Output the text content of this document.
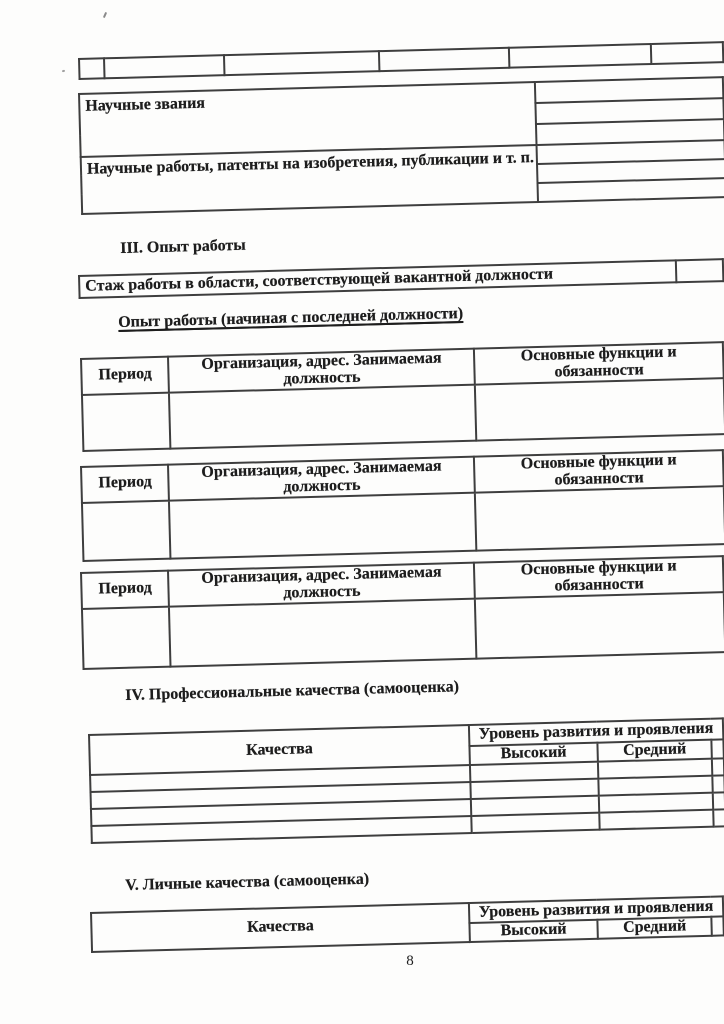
Научные звания	

Научные работы, патенты на изобретения, публикации и т. п.	

III. Опыт работы
Стаж работы в области, соответствующей вакантной должности	
Опыт работы (начиная с последней должности)
Период	Организация, адрес. Занимаемая должность	Основные функции и обязанности

Период	Организация, адрес. Занимаемая должность	Основные функции и обязанности

Период	Организация, адрес. Занимаемая должность	Основные функции и обязанности

IV. Профессиональные качества (самооценка)
Качества	Уровень развития и проявления		
	Высокий	Средний	

V. Личные качества (самооценка)
Качества	Уровень развития и проявления		
	Высокий	Средний	
8
